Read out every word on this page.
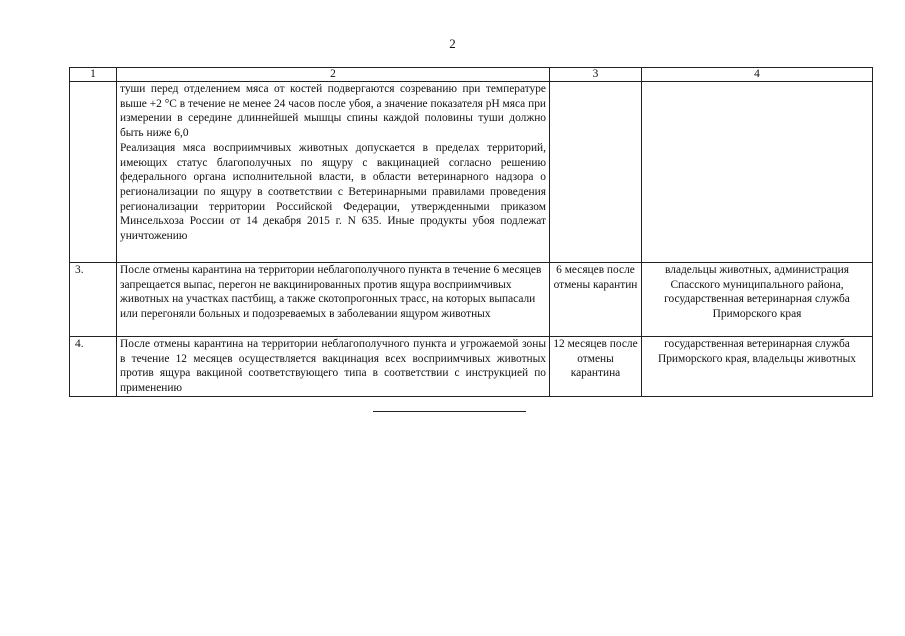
2
1	2	3	4

	туши перед отделением мяса от костей подвергаются созреванию при температуре выше +2 °С в течение не менее 24 часов после убоя, а значение показателя pH мяса при измерении в середине длиннейшей мышцы спины каждой половины туши должно быть ниже 6,0
Реализация мяса восприимчивых животных допускается в пределах территорий, имеющих статус благополучных по ящуру с вакцинацией согласно решению федерального органа исполнительной власти, в области ветеринарного надзора о регионализации по ящуру в соответствии с Ветеринарными правилами проведения регионализации территории Российской Федерации, утвержденными приказом Минсельхоза России от 14 декабря 2015 г. N 635. Иные продукты убоя подлежат уничтожению		

3.	После отмены карантина на территории неблагополучного пункта в течение 6 месяцев запрещается выпас, перегон не вакцинированных против ящура восприимчивых животных на участках пастбищ, а также скотопрогонных трасс, на которых выпасали или перегоняли больных и подозреваемых в заболевании ящуром животных	6 месяцев после отмены карантин	владельцы животных, администрация Спасского муниципального района, государственная ветеринарная служба Приморского края
4.	После отмены карантина на территории неблагополучного пункта и угрожаемой зоны в течение 12 месяцев осуществляется вакцинация всех восприимчивых животных против ящура вакциной соответствующего типа в соответствии с инструкцией по применению	12 месяцев после отмены карантина	государственная ветеринарная служба Приморского края, владельцы животных
